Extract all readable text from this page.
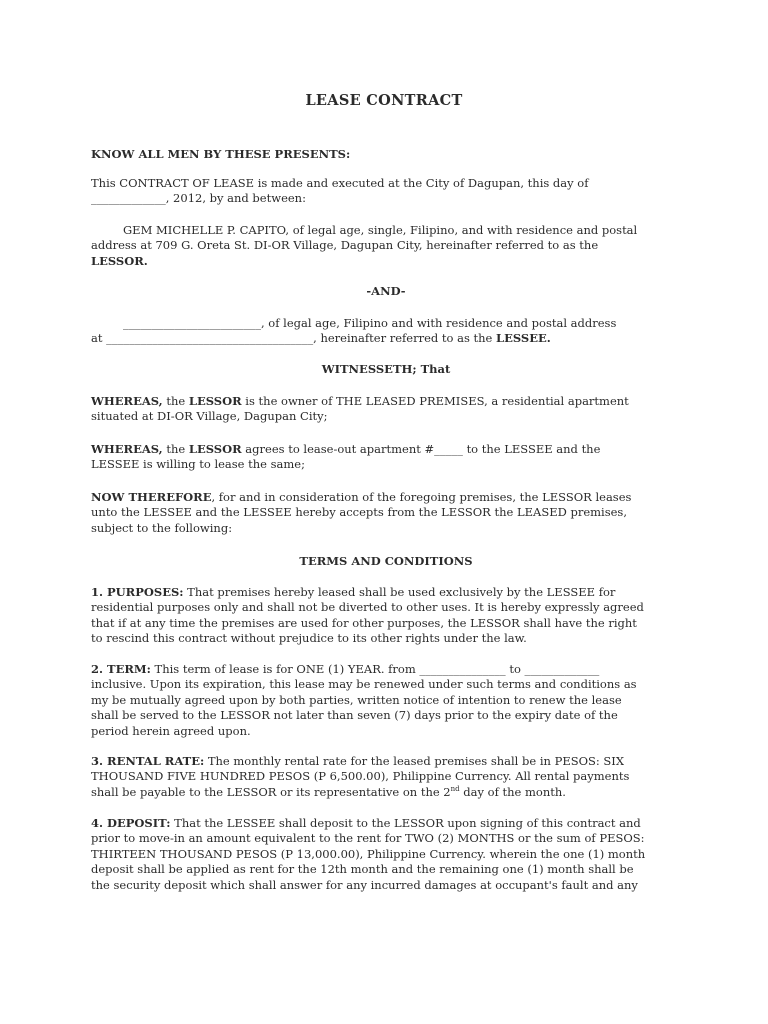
LEASE CONTRACT

KNOW ALL MEN BY THESE PRESENTS:

This CONTRACT OF LEASE is made and executed at the City of Dagupan, this day of
_____________, 2012, by and between:

GEM MICHELLE P. CAPITO, of legal age, single, Filipino, and with residence and postal
address at 709 G. Oreta St. DI-OR Village, Dagupan City, hereinafter referred to as the
LESSOR.

-AND-

________________________, of legal age, Filipino and with residence and postal address
at ____________________________________, hereinafter referred to as the LESSEE.

WITNESSETH; That

WHEREAS, the LESSOR is the owner of THE LEASED PREMISES, a residential apartment
situated at DI-OR Village, Dagupan City;

WHEREAS, the LESSOR agrees to lease-out apartment #_____ to the LESSEE and the
LESSEE is willing to lease the same;

NOW THEREFORE, for and in consideration of the foregoing premises, the LESSOR leases
unto the LESSEE and the LESSEE hereby accepts from the LESSOR the LEASED premises,
subject to the following:

TERMS AND CONDITIONS

1. PURPOSES: That premises hereby leased shall be used exclusively by the LESSEE for
residential purposes only and shall not be diverted to other uses. It is hereby expressly agreed
that if at any time the premises are used for other purposes, the LESSOR shall have the right
to rescind this contract without prejudice to its other rights under the law.

2. TERM: This term of lease is for ONE (1) YEAR. from _______________ to _____________
inclusive. Upon its expiration, this lease may be renewed under such terms and conditions as
my be mutually agreed upon by both parties, written notice of intention to renew the lease
shall be served to the LESSOR not later than seven (7) days prior to the expiry date of the
period herein agreed upon.

3. RENTAL RATE: The monthly rental rate for the leased premises shall be in PESOS: SIX
THOUSAND FIVE HUNDRED PESOS (P 6,500.00), Philippine Currency. All rental payments
shall be payable to the LESSOR or its representative on the 2nd day of the month.

4. DEPOSIT: That the LESSEE shall deposit to the LESSOR upon signing of this contract and
prior to move-in an amount equivalent to the rent for TWO (2) MONTHS or the sum of PESOS:
THIRTEEN THOUSAND PESOS (P 13,000.00), Philippine Currency. wherein the one (1) month
deposit shall be applied as rent for the 12th month and the remaining one (1) month shall be
the security deposit which shall answer for any incurred damages at occupant's fault and any
